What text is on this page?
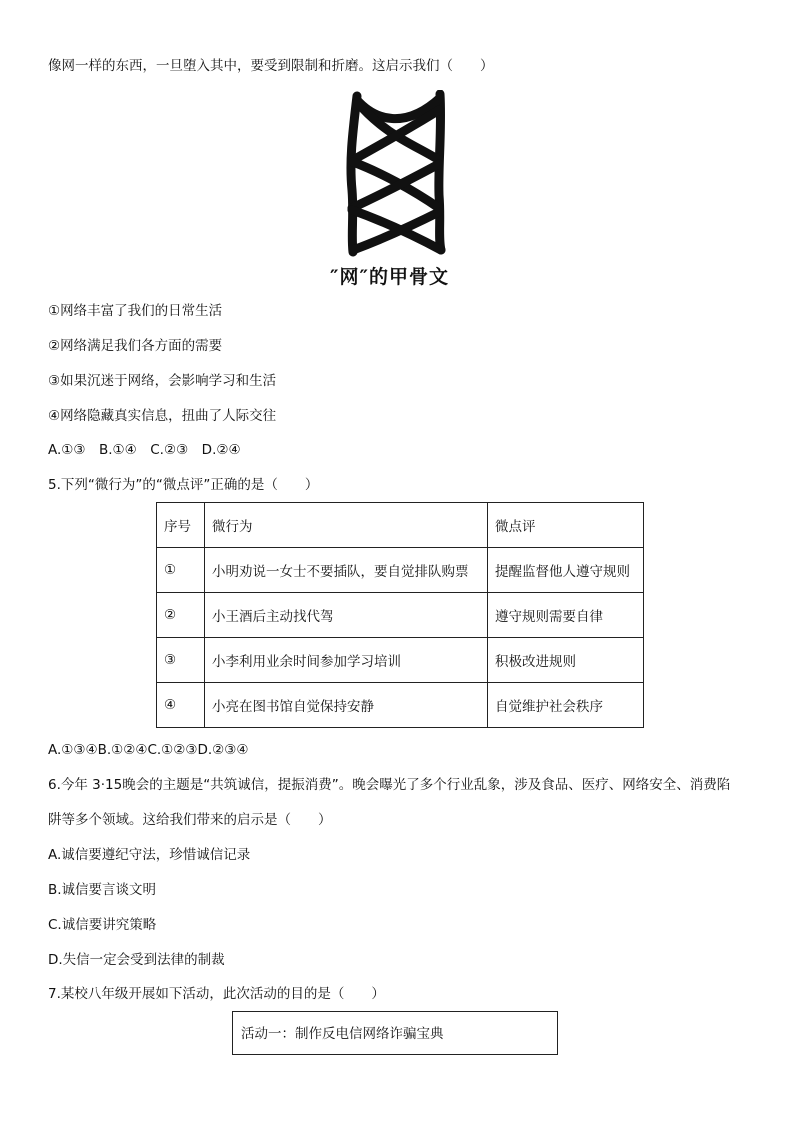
像网一样的东西，一旦堕入其中，要受到限制和折磨。这启示我们（　　）
″网″的甲骨文
①网络丰富了我们的日常生活
②网络满足我们各方面的需要
③如果沉迷于网络，会影响学习和生活
④网络隐藏真实信息，扭曲了人际交往
A.①③　B.①④　C.②③　D.②④
5.下列“微行为”的“微点评”正确的是（　　）
序号	微行为	微点评
①	小明劝说一女士不要插队，要自觉排队购票	提醒监督他人遵守规则
②	小王酒后主动找代驾	遵守规则需要自律
③	小李利用业余时间参加学习培训	积极改进规则
④	小亮在图书馆自觉保持安静	自觉维护社会秩序
A.①③④B.①②④C.①②③D.②③④
6.今年 3·15晚会的主题是“共筑诚信，提振消费”。晚会曝光了多个行业乱象，涉及食品、医疗、网络安全、消费陷
阱等多个领域。这给我们带来的启示是（　　）
A.诚信要遵纪守法，珍惜诚信记录
B.诚信要言谈文明
C.诚信要讲究策略
D.失信一定会受到法律的制裁
7.某校八年级开展如下活动，此次活动的目的是（　　）
活动一：制作反电信网络诈骗宝典
